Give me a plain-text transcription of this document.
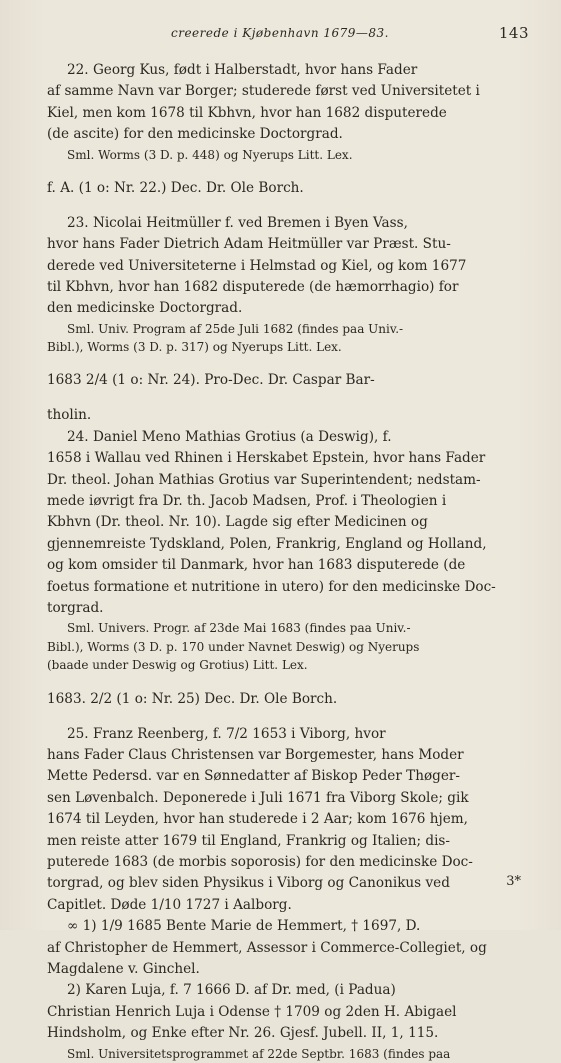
creerede i Kjøbenhavn 1679—83.	143

22. Georg Kus, født i Halberstadt, hvor hans Fader

af samme Navn var Borger; studerede først ved Universitetet i
Kiel, men kom 1678 til Kbhvn, hvor han 1682 disputerede
(de ascite) for den medicinske Doctorgrad.

Sml. Worms (3 D. p. 448) og Nyerups Litt. Lex.

f. A. (1 o: Nr. 22.) Dec. Dr. Ole Borch.

23. Nicolai Heitmüller f. ved Bremen i Byen Vass,

hvor hans Fader Dietrich Adam Heitmüller var Præst. Stu-
derede ved Universiteterne i Helmstad og Kiel, og kom 1677
til Kbhvn, hvor han 1682 disputerede (de hæmorrhagio) for
den medicinske Doctorgrad.

Sml. Univ. Program af 25de Juli 1682 (findes paa Univ.-

Bibl.), Worms (3 D. p. 317) og Nyerups Litt. Lex.

1683 2/4 (1 o: Nr. 24). Pro-Dec. Dr. Caspar Bar-

tholin.

24. Daniel Meno Mathias Grotius (a Deswig), f.

1658 i Wallau ved Rhinen i Herskabet Epstein, hvor hans Fader
Dr. theol. Johan Mathias Grotius var Superintendent; nedstam-
mede iøvrigt fra Dr. th. Jacob Madsen, Prof. i Theologien i
Kbhvn (Dr. theol. Nr. 10). Lagde sig efter Medicinen og
gjennemreiste Tydskland, Polen, Frankrig, England og Holland,
og kom omsider til Danmark, hvor han 1683 disputerede (de
foetus formatione et nutritione in utero) for den medicinske Doc-
torgrad.

Sml. Univers. Progr. af 23de Mai 1683 (findes paa Univ.-

Bibl.), Worms (3 D. p. 170 under Navnet Deswig) og Nyerups
(baade under Deswig og Grotius) Litt. Lex.

1683. 2/2 (1 o: Nr. 25) Dec. Dr. Ole Borch.

25. Franz Reenberg, f. 7/2 1653 i Viborg, hvor

hans Fader Claus Christensen var Borgemester, hans Moder
Mette Pedersd. var en Sønnedatter af Biskop Peder Thøger-
sen Løvenbalch. Deponerede i Juli 1671 fra Viborg Skole; gik
1674 til Leyden, hvor han studerede i 2 Aar; kom 1676 hjem,
men reiste atter 1679 til England, Frankrig og Italien; dis-
puterede 1683 (de morbis soporosis) for den medicinske Doc-
torgrad, og blev siden Physikus i Viborg og Canonikus ved
Capitlet. Døde 1/10 1727 i Aalborg.

∞ 1) 1/9 1685 Bente Marie de Hemmert, † 1697, D.

af Christopher de Hemmert, Assessor i Commerce-Collegiet, og
Magdalene v. Ginchel.

2) Karen Luja, f. 7 1666 D. af Dr. med, (i Padua)

Christian Henrich Luja i Odense † 1709 og 2den H. Abigael
Hindsholm, og Enke efter Nr. 26. Gjesf. Jubell. II, 1, 115.

Sml. Universitetsprogrammet af 22de Septbr. 1683 (findes paa

3*
